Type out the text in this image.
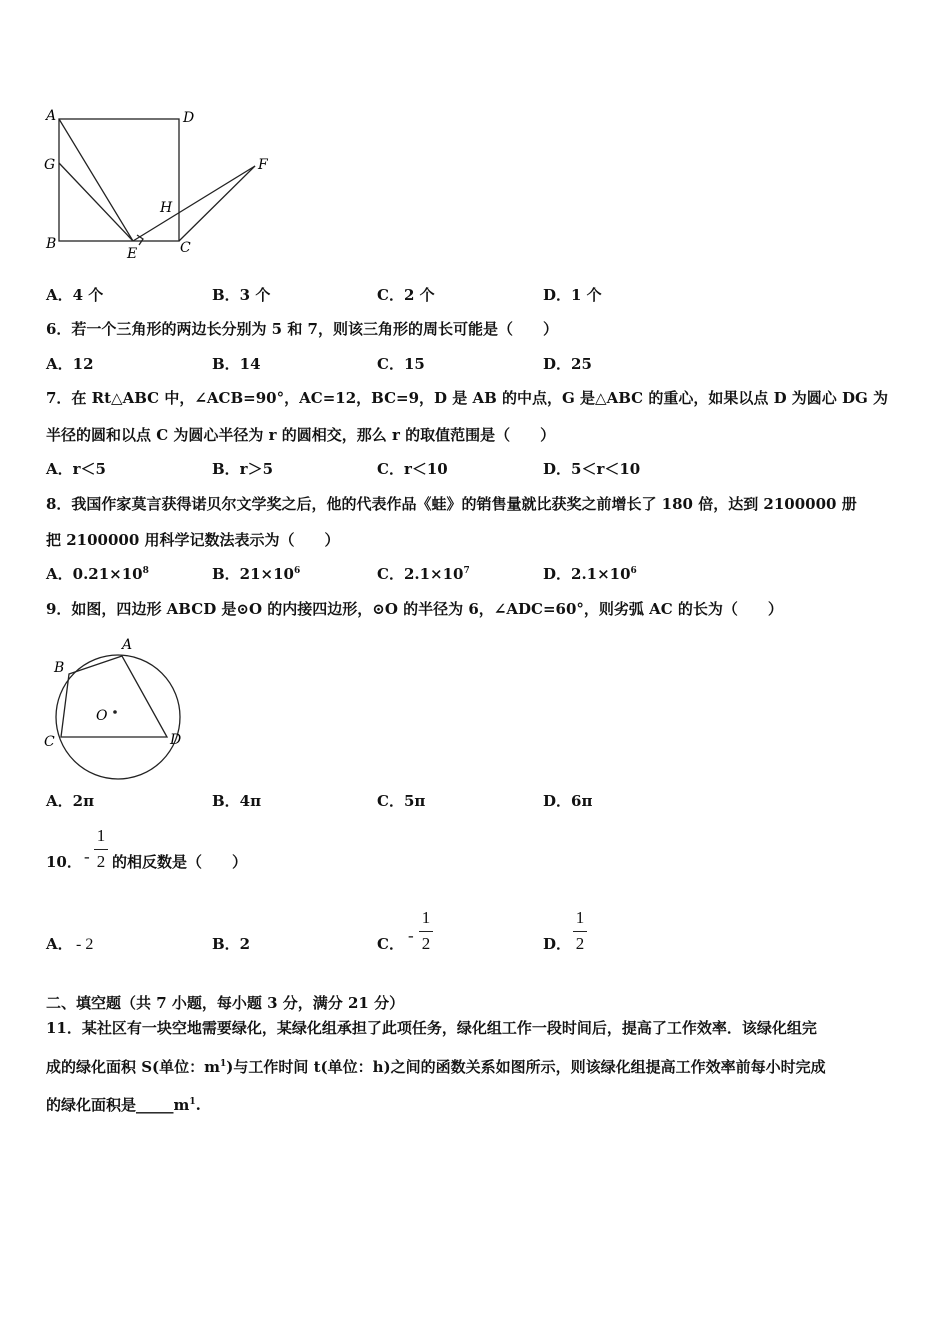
A	D
G	F
H
B
E	C
A．4 个	B．3 个	C．2 个	D．1 个
6．若一个三角形的两边长分别为 5 和 7，则该三角形的周长可能是（　　）
A．12	B．14	C．15	D．25
7．在 Rt△ABC 中，∠ACB=90°，AC=12，BC=9，D 是 AB 的中点，G 是△ABC 的重心，如果以点 D 为圆心 DG 为
半径的圆和以点 C 为圆心半径为 r 的圆相交，那么 r 的取值范围是（　　）
A．r＜5	B．r＞5	C．r＜10	D．5＜r＜10
8．我国作家莫言获得诺贝尔文学奖之后，他的代表作品《蛙》的销售量就比获奖之前增长了 180 倍，达到 2100000 册
把 2100000 用科学记数法表示为（　　）
A．$0.21\times 10^8$	B．$21\times 10^6$	C．$2.1\times 10^7$	D．$2.1\times 10^6$
9．如图，四边形 ABCD 是⊙O 的内接四边形，⊙O 的半径为 6，∠ADC=60°，则劣弧 AC 的长为（　　）
A
B
O
C	D
A．2π	B．4π	C．5π	D．6π
10． -
1
2 的相反数是（　　）
A． - 2	B．2	C． -
1
2	D．
1
2
二、填空题（共 7 小题，每小题 3 分，满分 21 分）
11．某社区有一块空地需要绿化，某绿化组承担了此项任务，绿化组工作一段时间后，提高了工作效率．该绿化组完
成的绿化面积 S(单位：$m^1$)与工作时间 t(单位：h)之间的函数关系如图所示，则该绿化组提高工作效率前每小时完成
的绿化面积是$\_\_\_\_\_m^1$.
